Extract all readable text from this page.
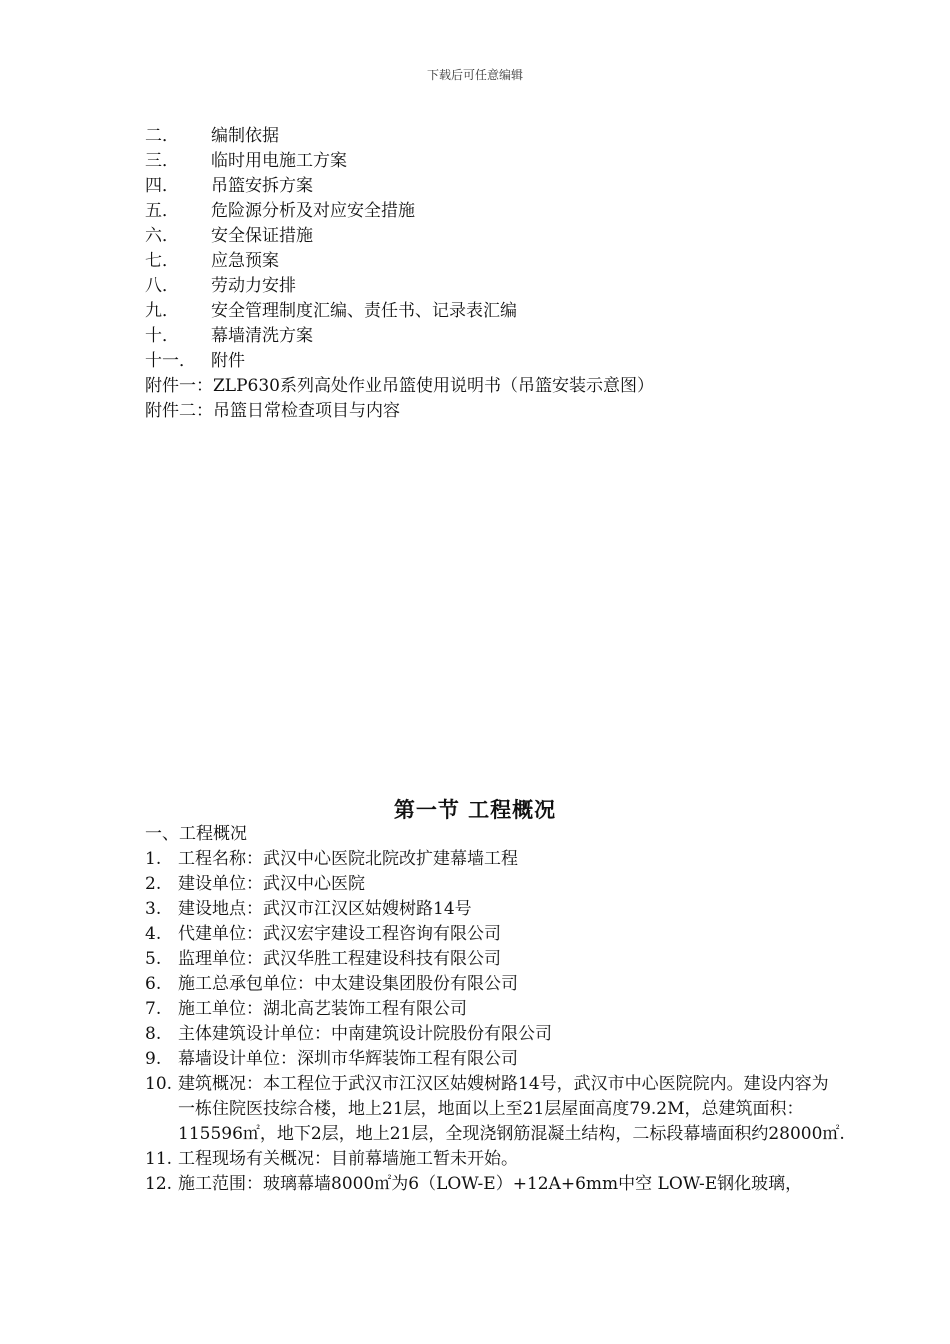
下载后可任意编辑
二．	编制依据
三．	临时用电施工方案
四．	吊篮安拆方案
五．	危险源分析及对应安全措施
六．	安全保证措施
七．	应急预案
八．	劳动力安排
九．	安全管理制度汇编、责任书、记录表汇编
十．	幕墙清洗方案
十一． 附件
附件一：ZLP630系列高处作业吊篮使用说明书（吊篮安装示意图）
附件二：吊篮日常检查项目与内容
第一节 工程概况
一、工程概况
1. 工程名称：武汉中心医院北院改扩建幕墙工程
2. 建设单位：武汉中心医院
3. 建设地点：武汉市江汉区姑嫂树路14号
4. 代建单位：武汉宏宇建设工程咨询有限公司
5. 监理单位：武汉华胜工程建设科技有限公司
6. 施工总承包单位：中太建设集团股份有限公司
7. 施工单位：湖北高艺装饰工程有限公司
8. 主体建筑设计单位：中南建筑设计院股份有限公司
9. 幕墙设计单位：深圳市华辉装饰工程有限公司
10. 建筑概况：本工程位于武汉市江汉区姑嫂树路14号，武汉市中心医院院内。建设内容为一栋住院医技综合楼，地上21层，地面以上至21层屋面高度79.2M，总建筑面积：115596㎡，地下2层，地上21层，全现浇钢筋混凝土结构，二标段幕墙面积约28000㎡.
11. 工程现场有关概况：目前幕墙施工暂未开始。
12. 施工范围：玻璃幕墙8000㎡为6（LOW-E）+12A+6mm中空 LOW-E钢化玻璃，
